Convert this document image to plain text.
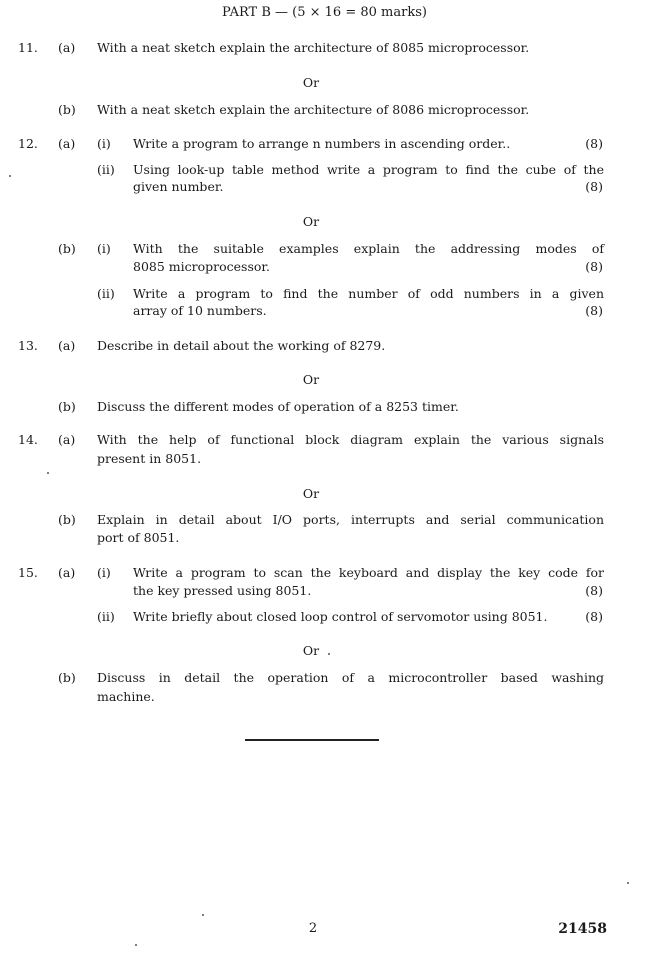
PART B — (5 × 16 = 80 marks)
11. (a) With a neat sketch explain the architecture of 8085 microprocessor.
Or
(b) With a neat sketch explain the architecture of 8086 microprocessor.
12. (a) (i) Write a program to arrange n numbers in ascending order..	(8)
(ii) Using look-up table method write a program to find the cube of the
given number.	(8)
Or
(b) (i) With the suitable examples explain the addressing modes of
8085 microprocessor.	(8)
(ii) Write a program to find the number of odd numbers in a given
array of 10 numbers.	(8)
13. (a) Describe in detail about the working of 8279.
Or
(b) Discuss the different modes of operation of a 8253 timer.
14. (a) With the help of functional block diagram explain the various signals
present in 8051.
Or
(b) Explain in detail about I/O ports, interrupts and serial communication
port of 8051.
15. (a) (i) Write a program to scan the keyboard and display the key code for
the key pressed using 8051.	(8)
(ii) Write briefly about closed loop control of servomotor using 8051.	(8)
Or
(b) Discuss in detail the operation of a microcontroller based washing
machine.
2	21458
